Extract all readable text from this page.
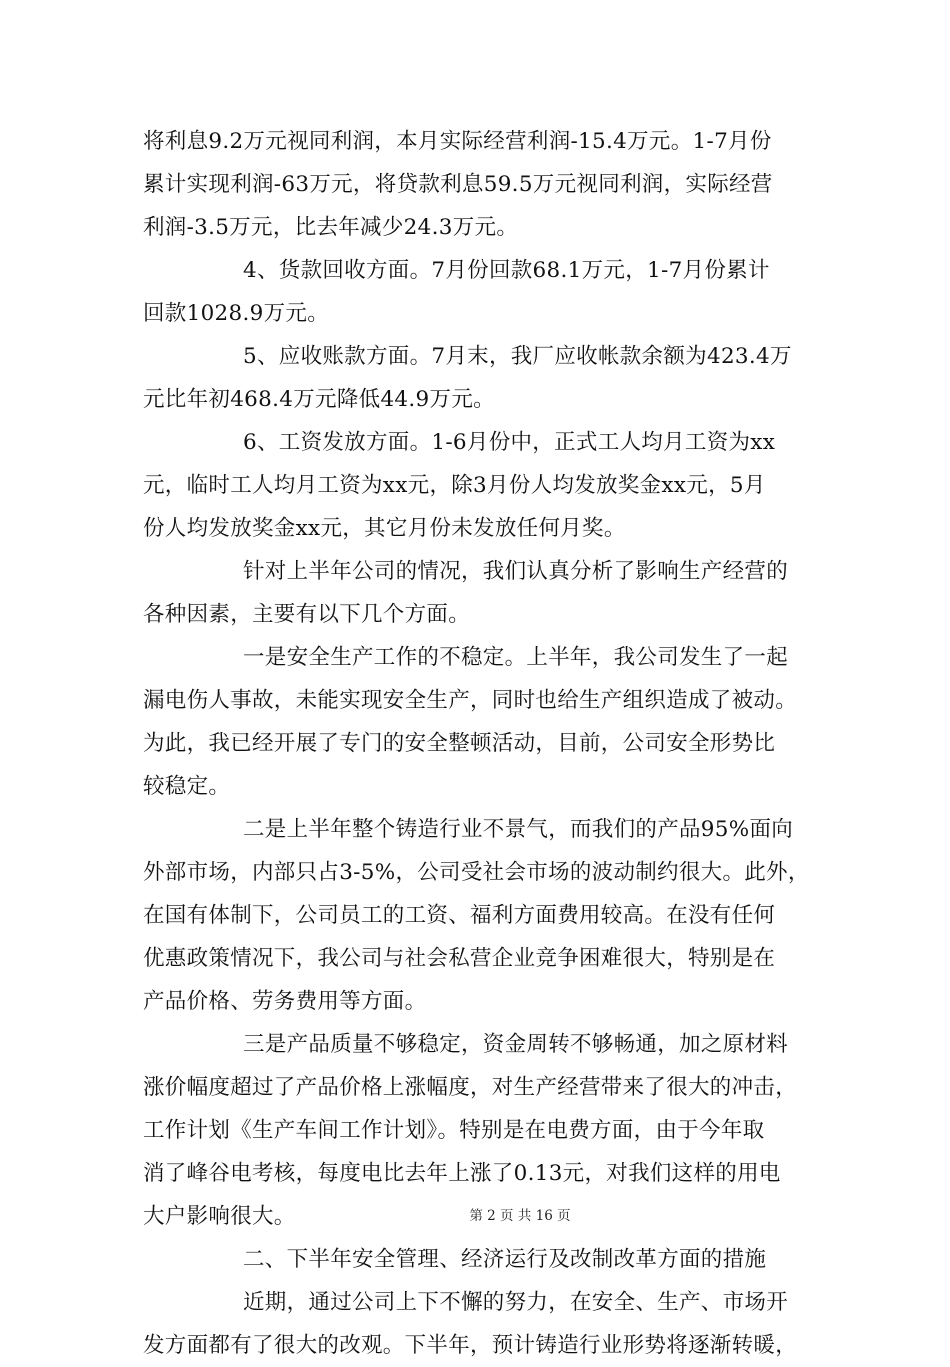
将利息9.2万元视同利润，本月实际经营利润-15.4万元。1-7月份
累计实现利润-63万元，将贷款利息59.5万元视同利润，实际经营
利润-3.5万元，比去年减少24.3万元。
4、货款回收方面。7月份回款68.1万元，1-7月份累计
回款1028.9万元。
5、应收账款方面。7月末，我厂应收帐款余额为423.4万
元比年初468.4万元降低44.9万元。
6、工资发放方面。1-6月份中，正式工人均月工资为xx
元，临时工人均月工资为xx元，除3月份人均发放奖金xx元，5月
份人均发放奖金xx元，其它月份未发放任何月奖。
针对上半年公司的情况，我们认真分析了影响生产经营的
各种因素，主要有以下几个方面。
一是安全生产工作的不稳定。上半年，我公司发生了一起
漏电伤人事故，未能实现安全生产，同时也给生产组织造成了被动。
为此，我已经开展了专门的安全整顿活动，目前，公司安全形势比
较稳定。
二是上半年整个铸造行业不景气，而我们的产品95%面向
外部市场，内部只占3-5%，公司受社会市场的波动制约很大。此外，
在国有体制下，公司员工的工资、福利方面费用较高。在没有任何
优惠政策情况下，我公司与社会私营企业竞争困难很大，特别是在
产品价格、劳务费用等方面。
三是产品质量不够稳定，资金周转不够畅通，加之原材料
涨价幅度超过了产品价格上涨幅度，对生产经营带来了很大的冲击，
工作计划《生产车间工作计划》。特别是在电费方面，由于今年取
消了峰谷电考核，每度电比去年上涨了0.13元，对我们这样的用电
大户影响很大。
二、下半年安全管理、经济运行及改制改革方面的措施
近期，通过公司上下不懈的努力，在安全、生产、市场开
发方面都有了很大的改观。下半年，预计铸造行业形势将逐渐转暖，
第 2 页 共 16 页
